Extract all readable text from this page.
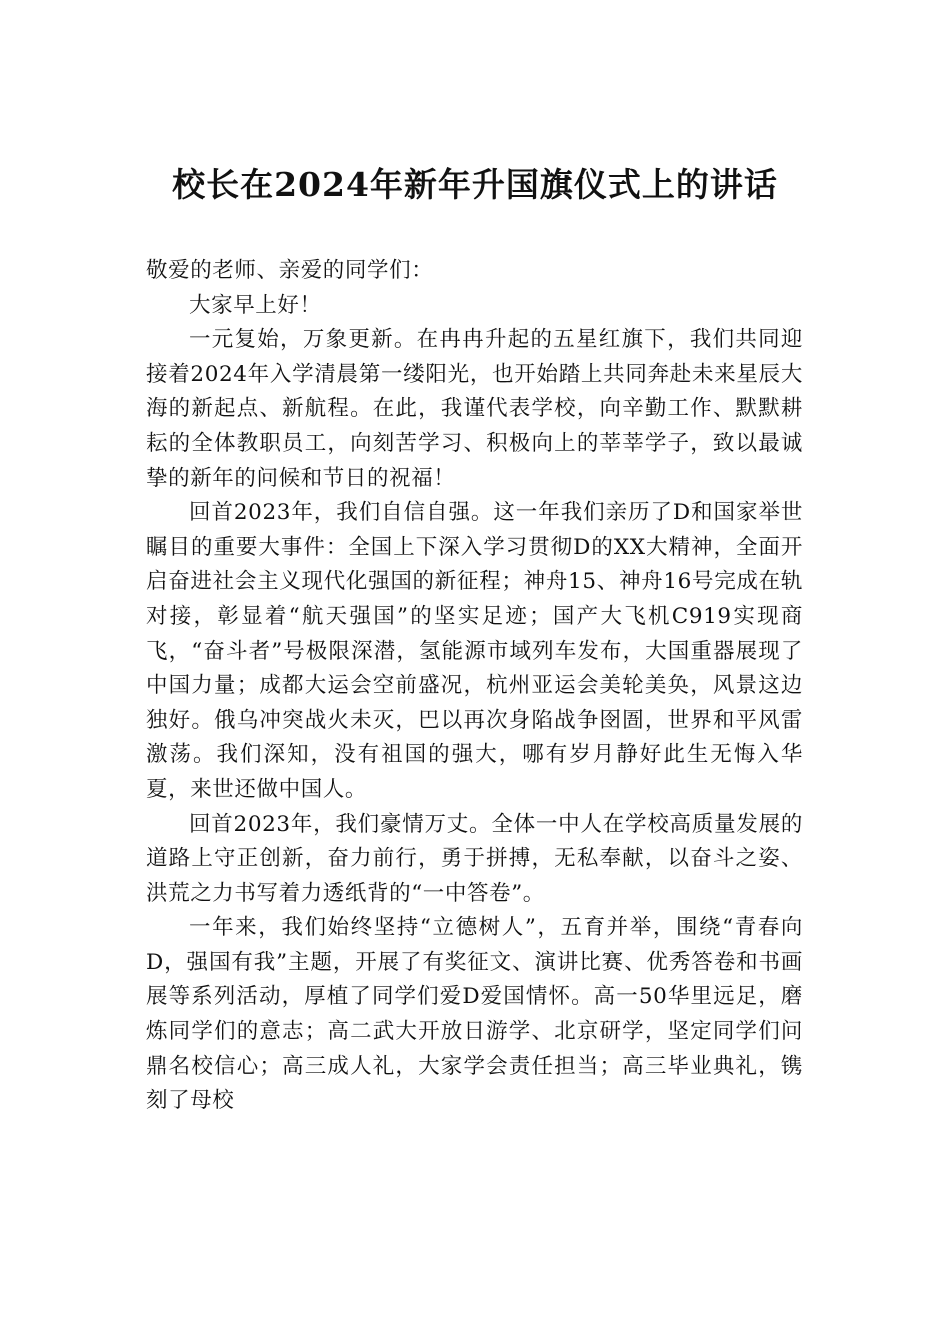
校长在2024年新年升国旗仪式上的讲话

敬爱的老师、亲爱的同学们：

大家早上好！

一元复始，万象更新。在冉冉升起的五星红旗下，我们共同迎接着2024年入学清晨第一缕阳光，也开始踏上共同奔赴未来星辰大海的新起点、新航程。在此，我谨代表学校，向辛勤工作、默默耕耘的全体教职员工，向刻苦学习、积极向上的莘莘学子，致以最诚挚的新年的问候和节日的祝福！

回首2023年，我们自信自强。这一年我们亲历了D和国家举世瞩目的重要大事件：全国上下深入学习贯彻D的XX大精神，全面开启奋进社会主义现代化强国的新征程；神舟15、神舟16号完成在轨对接，彰显着“航天强国”的坚实足迹；国产大飞机C919实现商飞，“奋斗者”号极限深潜，氢能源市域列车发布，大国重器展现了中国力量；成都大运会空前盛况，杭州亚运会美轮美奂，风景这边独好。俄乌冲突战火未灭，巴以再次身陷战争囹圄，世界和平风雷激荡。我们深知，没有祖国的强大，哪有岁月静好此生无悔入华夏，来世还做中国人。

回首2023年，我们豪情万丈。全体一中人在学校高质量发展的道路上守正创新，奋力前行，勇于拼搏，无私奉献，以奋斗之姿、洪荒之力书写着力透纸背的“一中答卷”。

一年来，我们始终坚持“立德树人”，五育并举，围绕“青春向D，强国有我”主题，开展了有奖征文、演讲比赛、优秀答卷和书画展等系列活动，厚植了同学们爱D爱国情怀。高一50华里远足，磨炼同学们的意志；高二武大开放日游学、北京研学，坚定同学们问鼎名校信心；高三成人礼，大家学会责任担当；高三毕业典礼，镌刻了母校
